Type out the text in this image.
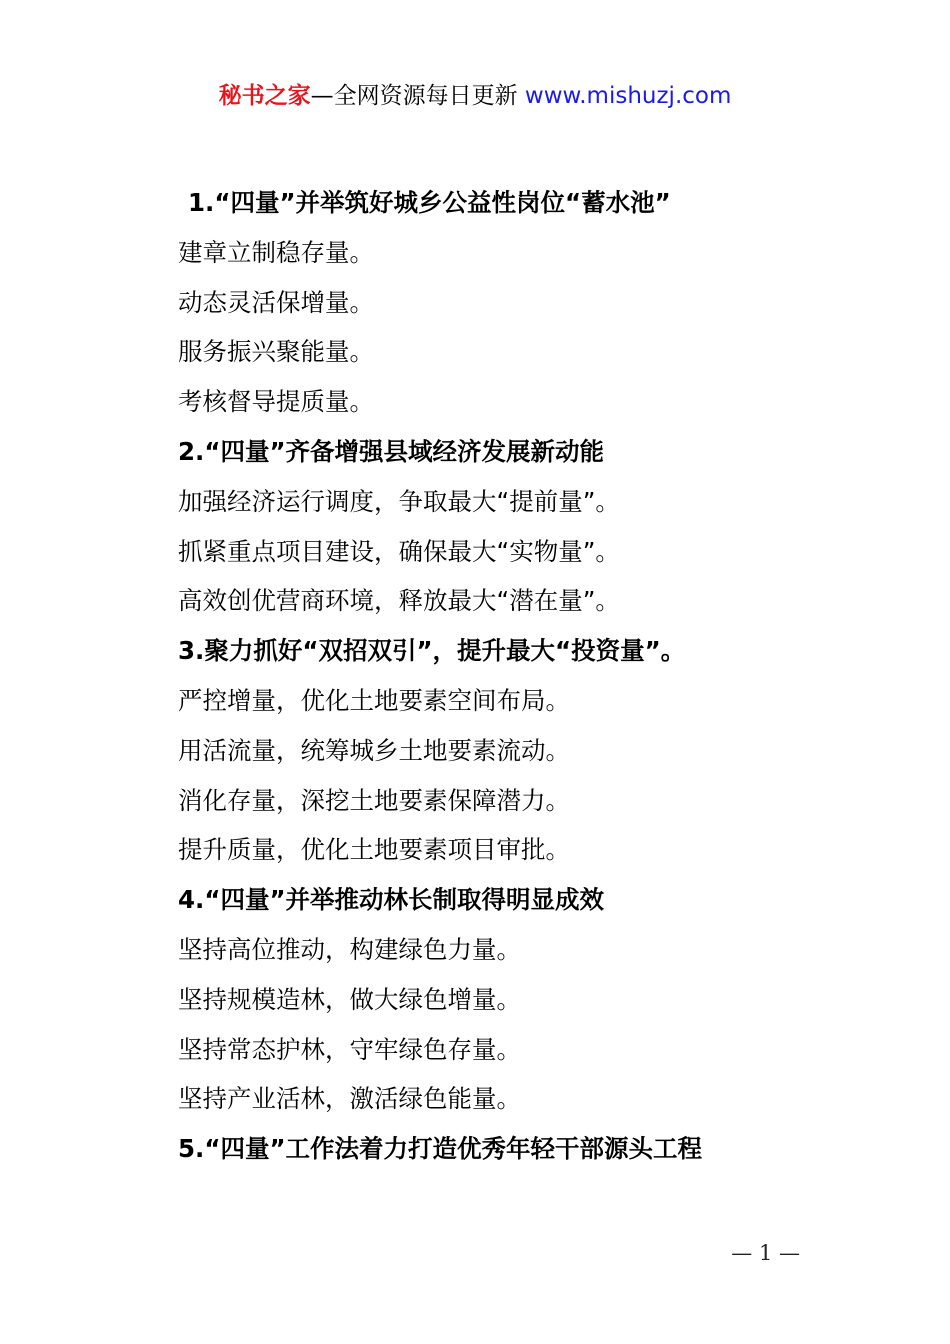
秘书之家—全网资源每日更新 www.mishuzj.com
1.“四量”并举筑好城乡公益性岗位“蓄水池”
建章立制稳存量。
动态灵活保增量。
服务振兴聚能量。
考核督导提质量。
2.“四量”齐备增强县域经济发展新动能
加强经济运行调度，争取最大“提前量”。
抓紧重点项目建设，确保最大“实物量”。
高效创优营商环境，释放最大“潜在量”。
3.聚力抓好“双招双引”，提升最大“投资量”。
严控增量，优化土地要素空间布局。
用活流量，统筹城乡土地要素流动。
消化存量，深挖土地要素保障潜力。
提升质量，优化土地要素项目审批。
4.“四量”并举推动林长制取得明显成效
坚持高位推动，构建绿色力量。
坚持规模造林，做大绿色增量。
坚持常态护林，守牢绿色存量。
坚持产业活林，激活绿色能量。
5.“四量”工作法着力打造优秀年轻干部源头工程
— 1 —
